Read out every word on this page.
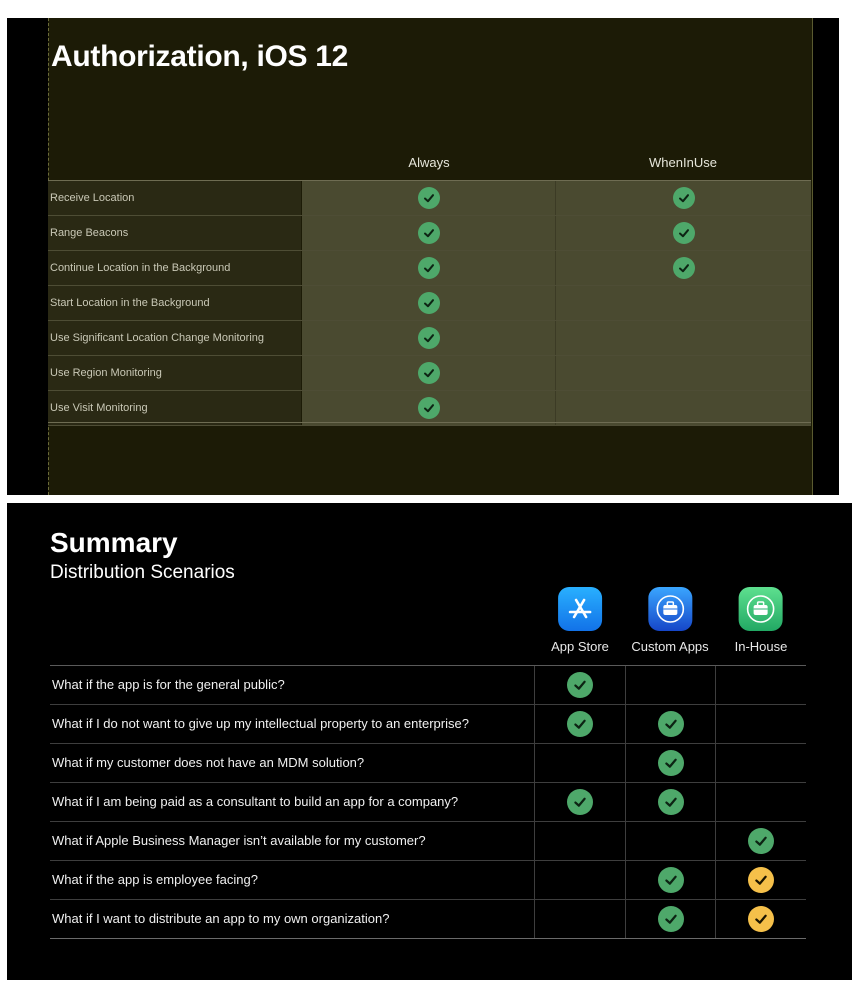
Authorization, iOS 12
Always	WhenInUse
Receive Location
Range Beacons
Continue Location in the Background
Start Location in the Background
Use Significant Location Change Monitoring
Use Region Monitoring
Use Visit Monitoring
Summary
Distribution Scenarios
App Store Custom Apps In-House
What if the app is for the general public?
What if I do not want to give up my intellectual property to an enterprise?
What if my customer does not have an MDM solution?
What if I am being paid as a consultant to build an app for a company?
What if Apple Business Manager isn’t available for my customer?
What if the app is employee facing?
What if I want to distribute an app to my own organization?
